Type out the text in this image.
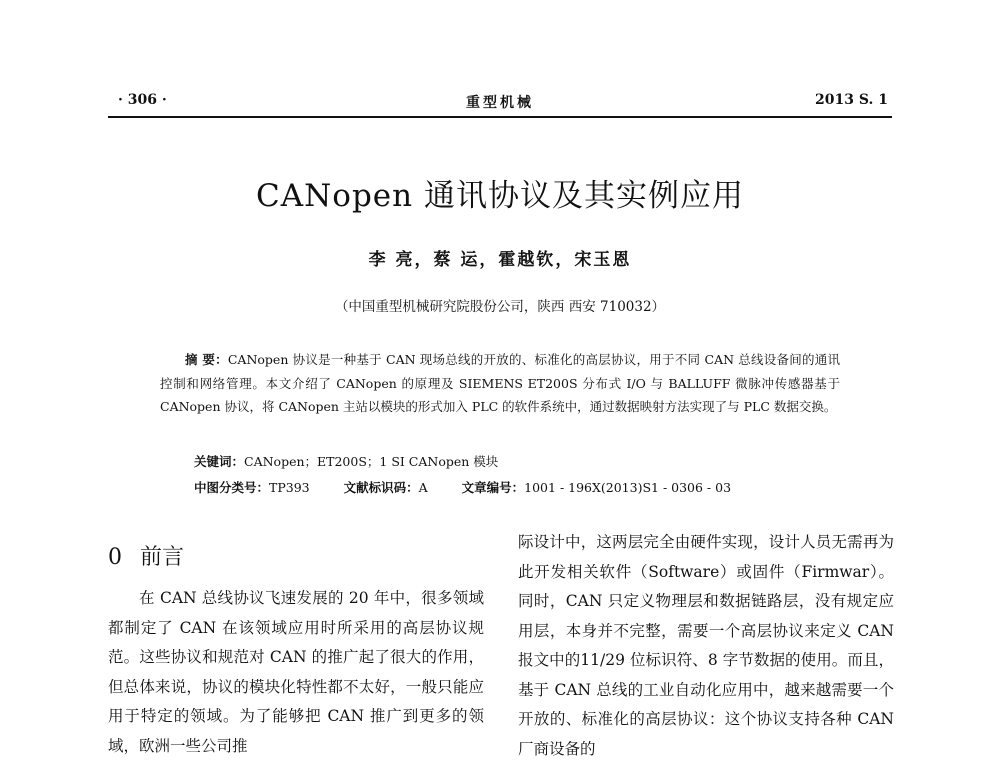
· 306 ·	重型机械	2013 S. 1
CANopen 通讯协议及其实例应用
李 亮，蔡 运，霍越钦，宋玉恩
（中国重型机械研究院股份公司，陕西 西安 710032）

摘 要：CANopen 协议是一种基于 CAN 现场总线的开放的、标准化的高层协议，用于不同 CAN 总线设备间的通讯控制和网络管理。本文介绍了 CANopen 的原理及 SIEMENS ET200S 分布式 I/O 与 BALLUFF 微脉冲传感器基于 CANopen 协议，将 CANopen 主站以模块的形式加入 PLC 的软件系统中，通过数据映射方法实现了与 PLC 数据交换。

关键词：CANopen；ET200S；1 SI CANopen 模块
中图分类号：TP393	文献标识码：A	文章编号：1001 - 196X(2013)S1 - 0306 - 03
0 前言

在 CAN 总线协议飞速发展的 20 年中，很多领域都制定了 CAN 在该领域应用时所采用的高层协议规范。这些协议和规范对 CAN 的推广起了很大的作用，但总体来说，协议的模块化特性都不太好，一般只能应用于特定的领域。为了能够把 CAN 推广到更多的领域，欧洲一些公司推

际设计中，这两层完全由硬件实现，设计人员无需再为此开发相关软件（Software）或固件（Firmwar）。同时，CAN 只定义物理层和数据链路层，没有规定应用层，本身并不完整，需要一个高层协议来定义 CAN 报文中的11/29 位标识符、8 字节数据的使用。而且，基于 CAN 总线的工业自动化应用中，越来越需要一个开放的、标准化的高层协议：这个协议支持各种 CAN 厂商设备的
